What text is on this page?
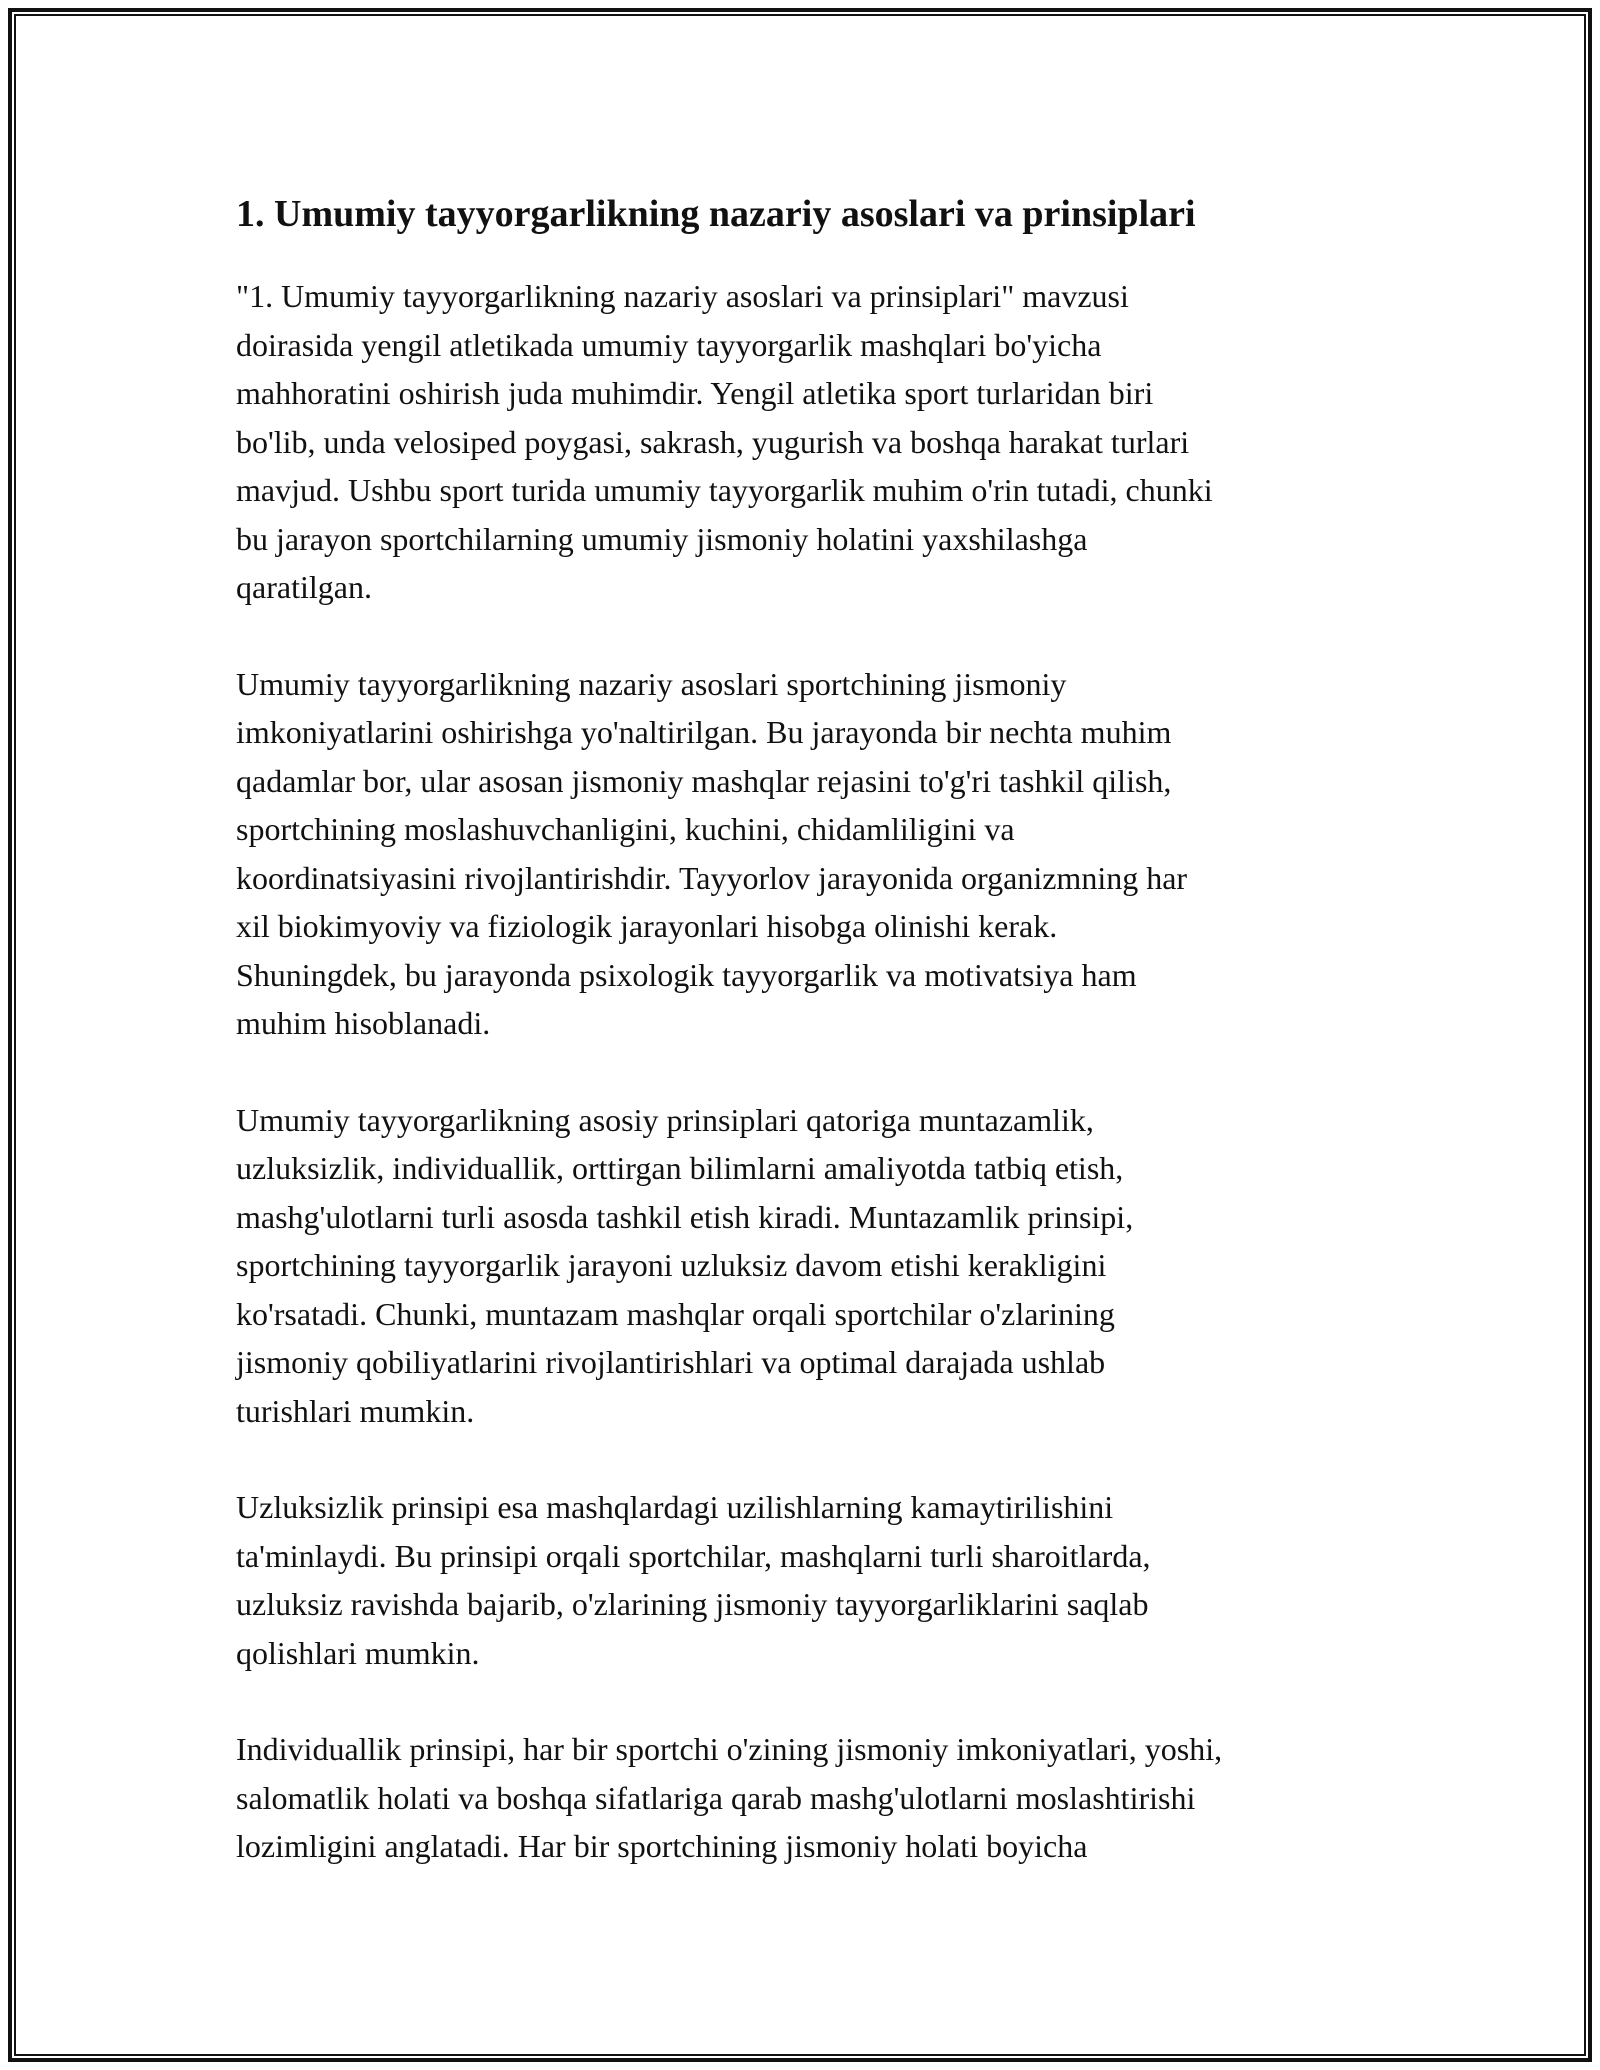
1. Umumiy tayyorgarlikning nazariy asoslari va prinsiplari

"1. Umumiy tayyorgarlikning nazariy asoslari va prinsiplari" mavzusi
doirasida yengil atletikada umumiy tayyorgarlik mashqlari bo'yicha
mahhoratini oshirish juda muhimdir. Yengil atletika sport turlaridan biri
bo'lib, unda velosiped poygasi, sakrash, yugurish va boshqa harakat turlari
mavjud. Ushbu sport turida umumiy tayyorgarlik muhim o'rin tutadi, chunki
bu jarayon sportchilarning umumiy jismoniy holatini yaxshilashga
qaratilgan.

Umumiy tayyorgarlikning nazariy asoslari sportchining jismoniy
imkoniyatlarini oshirishga yo'naltirilgan. Bu jarayonda bir nechta muhim
qadamlar bor, ular asosan jismoniy mashqlar rejasini to'g'ri tashkil qilish,
sportchining moslashuvchanligini, kuchini, chidamliligini va
koordinatsiyasini rivojlantirishdir. Tayyorlov jarayonida organizmning har
xil biokimyoviy va fiziologik jarayonlari hisobga olinishi kerak.
Shuningdek, bu jarayonda psixologik tayyorgarlik va motivatsiya ham
muhim hisoblanadi.

Umumiy tayyorgarlikning asosiy prinsiplari qatoriga muntazamlik,
uzluksizlik, individuallik, orttirgan bilimlarni amaliyotda tatbiq etish,
mashg'ulotlarni turli asosda tashkil etish kiradi. Muntazamlik prinsipi,
sportchining tayyorgarlik jarayoni uzluksiz davom etishi kerakligini
ko'rsatadi. Chunki, muntazam mashqlar orqali sportchilar o'zlarining
jismoniy qobiliyatlarini rivojlantirishlari va optimal darajada ushlab
turishlari mumkin.

Uzluksizlik prinsipi esa mashqlardagi uzilishlarning kamaytirilishini
ta'minlaydi. Bu prinsipi orqali sportchilar, mashqlarni turli sharoitlarda,
uzluksiz ravishda bajarib, o'zlarining jismoniy tayyorgarliklarini saqlab
qolishlari mumkin.

Individuallik prinsipi, har bir sportchi o'zining jismoniy imkoniyatlari, yoshi,
salomatlik holati va boshqa sifatlariga qarab mashg'ulotlarni moslashtirishi
lozimligini anglatadi. Har bir sportchining jismoniy holati boyicha
